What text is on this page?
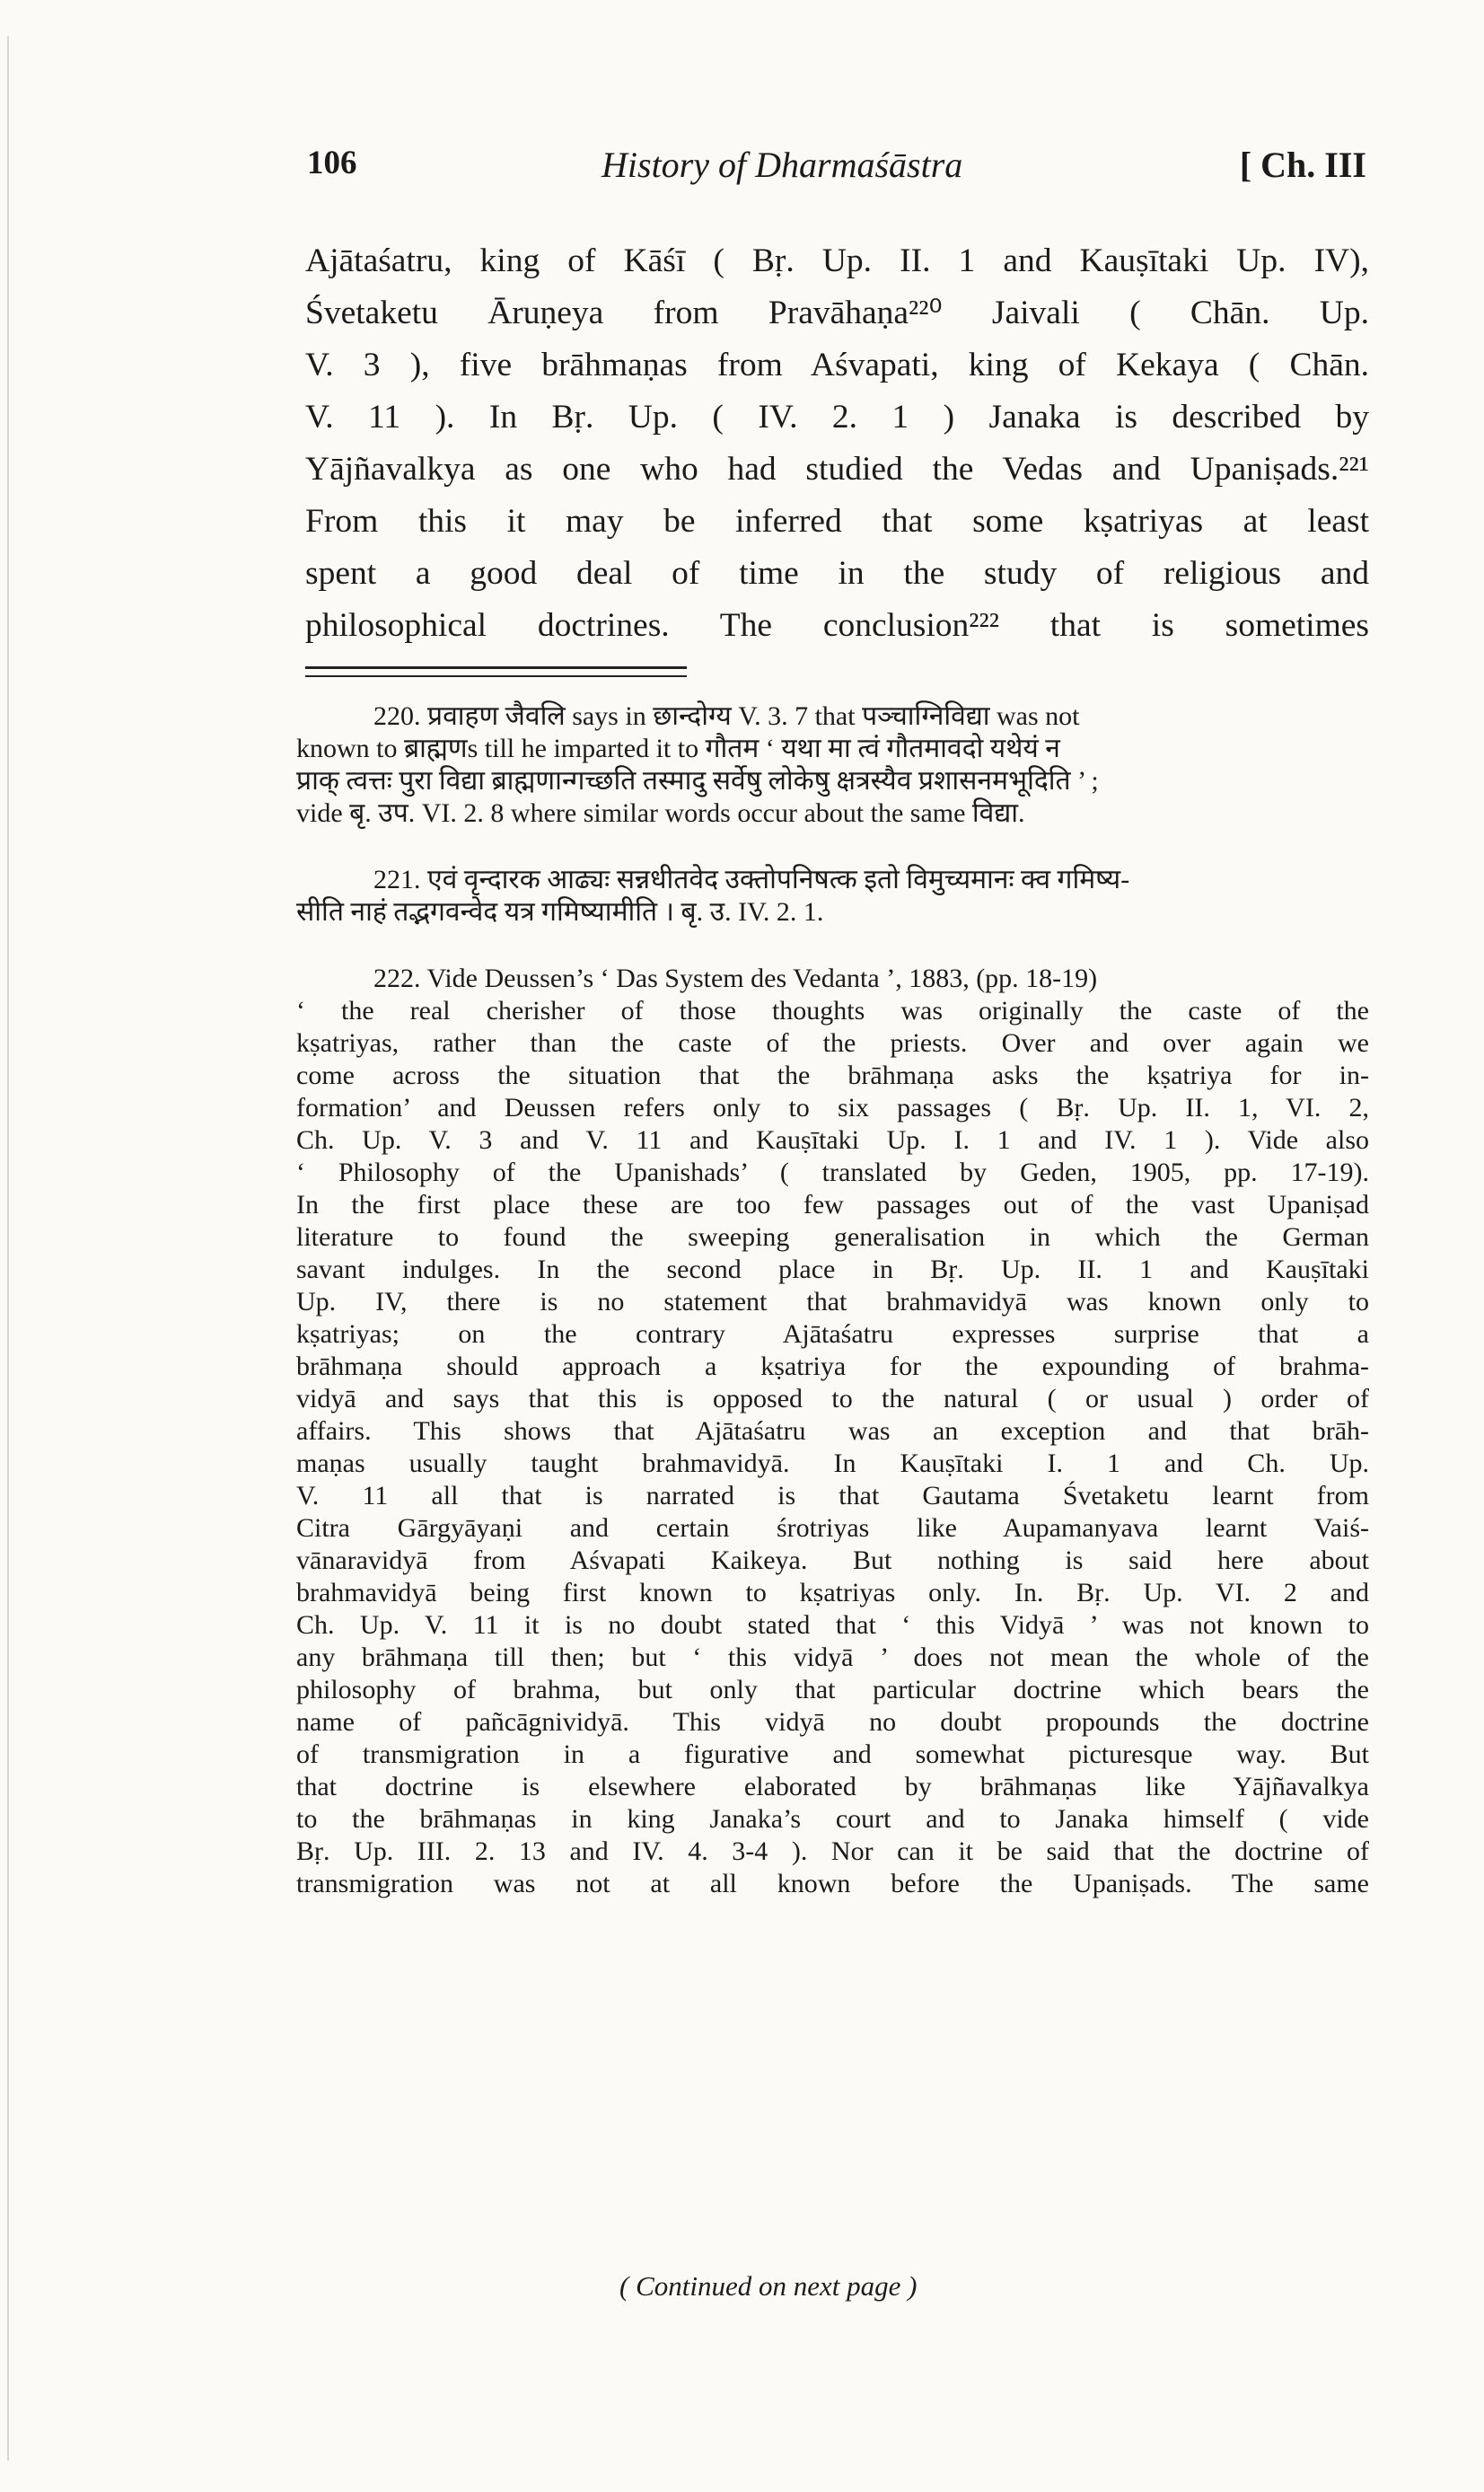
106	History of Dharmaśāstra	[ Ch. III
Ajātaśatru, king of Kāśī ( Bṛ. Up. II. 1 and Kauṣītaki Up. IV),
Śvetaketu Āruṇeya from Pravāhaṇa²²⁰ Jaivali ( Chān. Up.
V. 3 ), five brāhmaṇas from Aśvapati, king of Kekaya ( Chān.
V. 11 ). In Bṛ. Up. ( IV. 2. 1 ) Janaka is described by
Yājñavalkya as one who had studied the Vedas and Upaniṣads.²²¹
From this it may be inferred that some kṣatriyas at least
spent a good deal of time in the study of religious and
philosophical doctrines. The conclusion²²² that is sometimes
220. प्रवाहण जैवलि says in छान्दोग्य V. 3. 7 that पञ्चाग्निविद्या was not
known to ब्राह्मणs till he imparted it to गौतम ‘ यथा मा त्वं गौतमावदो यथेयं न
प्राक् त्वत्तः पुरा विद्या ब्राह्मणान्गच्छति तस्मादु सर्वेषु लोकेषु क्षत्रस्यैव प्रशासनमभूदिति ’ ;
vide बृ. उप. VI. 2. 8 where similar words occur about the same विद्या.
221. एवं वृन्दारक आढ्यः सन्नधीतवेद उक्तोपनिषत्क इतो विमुच्यमानः क्व गमिष्य-
सीति नाहं तद्भगवन्वेद यत्र गमिष्यामीति । बृ. उ. IV. 2. 1.
222. Vide Deussen’s ‘ Das System des Vedanta ’, 1883, (pp. 18-19)
‘ the real cherisher of those thoughts was originally the caste of the
kṣatriyas, rather than the caste of the priests. Over and over again we
come across the situation that the brāhmaṇa asks the kṣatriya for in-
formation’ and Deussen refers only to six passages ( Bṛ. Up. II. 1, VI. 2,
Ch. Up. V. 3 and V. 11 and Kauṣītaki Up. I. 1 and IV. 1 ). Vide also
‘ Philosophy of the Upanishads’ ( translated by Geden, 1905, pp. 17-19).
In the first place these are too few passages out of the vast Upaniṣad
literature to found the sweeping generalisation in which the German
savant indulges. In the second place in Bṛ. Up. II. 1 and Kauṣītaki
Up. IV, there is no statement that brahmavidyā was known only to
kṣatriyas; on the contrary Ajātaśatru expresses surprise that a
brāhmaṇa should approach a kṣatriya for the expounding of brahma-
vidyā and says that this is opposed to the natural ( or usual ) order of
affairs. This shows that Ajātaśatru was an exception and that brāh-
maṇas usually taught brahmavidyā. In Kauṣītaki I. 1 and Ch. Up.
V. 11 all that is narrated is that Gautama Śvetaketu learnt from
Citra Gārgyāyaṇi and certain śrotriyas like Aupamanyava learnt Vaiś-
vānaravidyā from Aśvapati Kaikeya. But nothing is said here about
brahmavidyā being first known to kṣatriyas only. In. Bṛ. Up. VI. 2 and
Ch. Up. V. 11 it is no doubt stated that ‘ this Vidyā ’ was not known to
any brāhmaṇa till then; but ‘ this vidyā ’ does not mean the whole of the
philosophy of brahma, but only that particular doctrine which bears the
name of pañcāgnividyā. This vidyā no doubt propounds the doctrine
of transmigration in a figurative and somewhat picturesque way. But
that doctrine is elsewhere elaborated by brāhmaṇas like Yājñavalkya
to the brāhmaṇas in king Janaka’s court and to Janaka himself ( vide
Bṛ. Up. III. 2. 13 and IV. 4. 3-4 ). Nor can it be said that the doctrine of
transmigration was not at all known before the Upaniṣads. The same
( Continued on next page )
